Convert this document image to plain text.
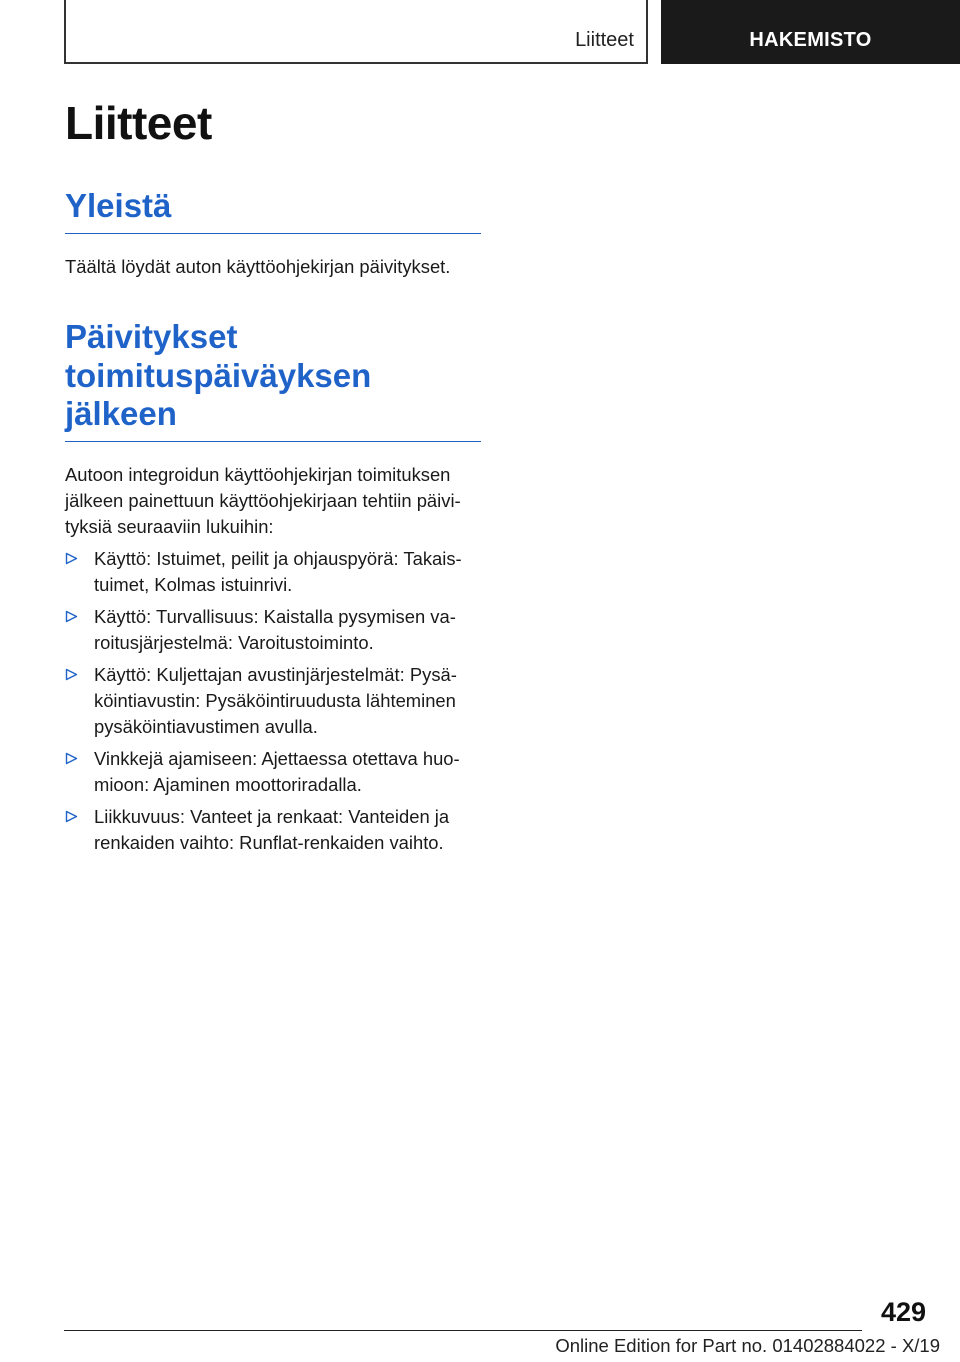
Liitteet	HAKEMISTO
Liitteet
Yleistä

Täältä löydät auton käyttöohjekirjan päivitykset.

Päivitykset
toimituspäiväyksen jälkeen

Autoon integroidun käyttöohjekirjan toimituksen jälkeen painettuun käyttöohjekirjaan tehtiin päivityksiä seuraaviin lukuihin:

Käyttö: Istuimet, peilit ja ohjauspyörä: Takaistuimet, Kolmas istuinrivi.
Käyttö: Turvallisuus: Kaistalla pysymisen varoitusjärjestelmä: Varoitustoiminto.
Käyttö: Kuljettajan avustinjärjestelmät: Pysäköintiavustin: Pysäköintiruudusta lähteminen pysäköintiavustimen avulla.
Vinkkejä ajamiseen: Ajettaessa otettava huomioon: Ajaminen moottoriradalla.
Liikkuvuus: Vanteet ja renkaat: Vanteiden ja renkaiden vaihto: Runflat-renkaiden vaihto.
429
Online Edition for Part no. 01402884022 - X/19
